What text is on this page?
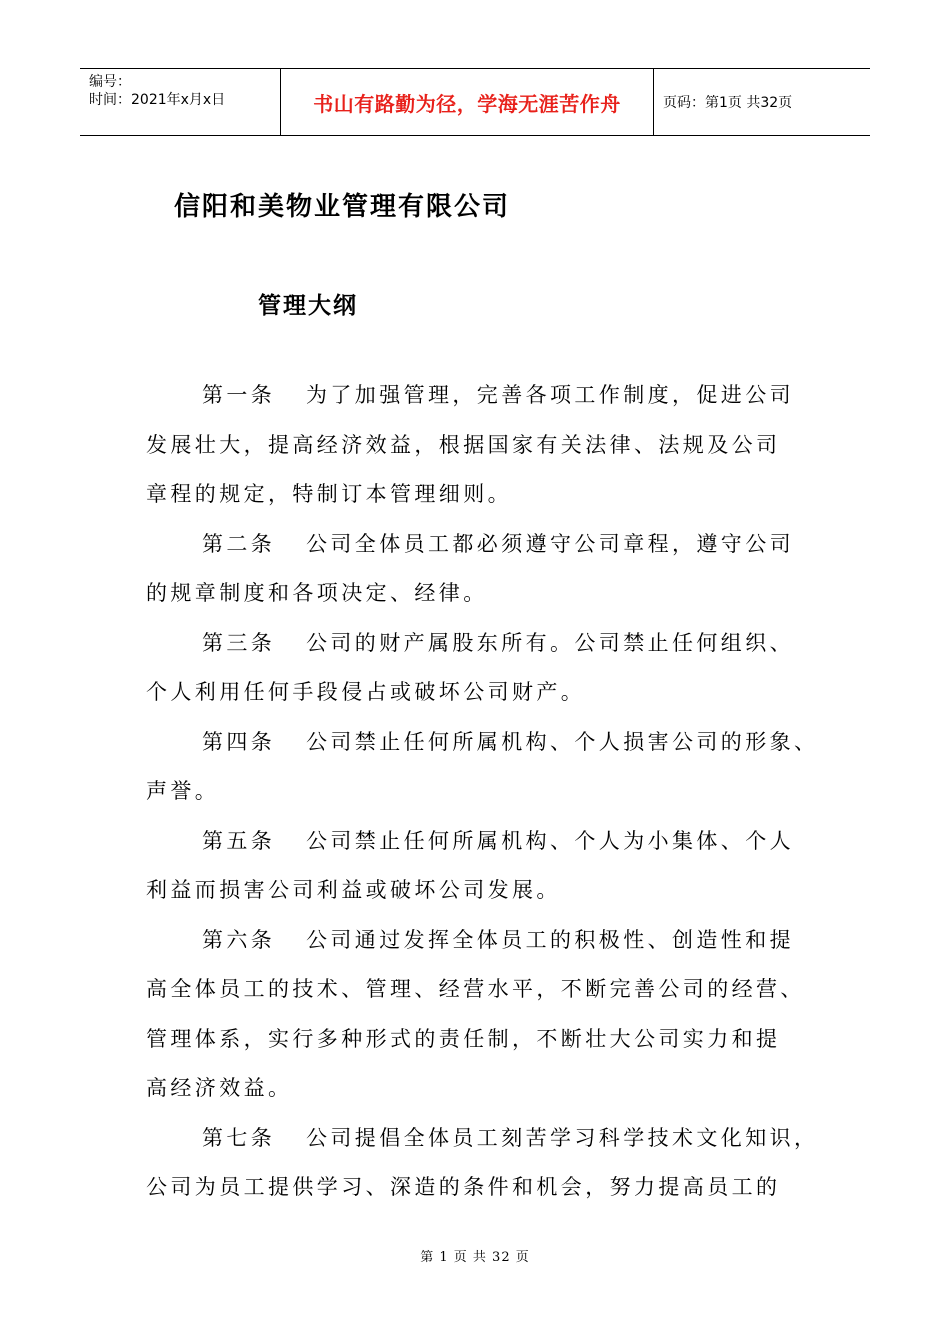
编号：
时间：2021年x月x日	书山有路勤为径，学海无涯苦作舟	页码：第1页 共32页
信阳和美物业管理有限公司
管理大纲
第一条 为了加强管理，完善各项工作制度，促进公司
发展壮大，提高经济效益，根据国家有关法律、法规及公司
章程的规定，特制订本管理细则。
第二条 公司全体员工都必须遵守公司章程，遵守公司
的规章制度和各项决定、经律。
第三条 公司的财产属股东所有。公司禁止任何组织、
个人利用任何手段侵占或破坏公司财产。
第四条 公司禁止任何所属机构、个人损害公司的形象、
声誉。
第五条 公司禁止任何所属机构、个人为小集体、个人
利益而损害公司利益或破坏公司发展。
第六条 公司通过发挥全体员工的积极性、创造性和提
高全体员工的技术、管理、经营水平，不断完善公司的经营、
管理体系，实行多种形式的责任制，不断壮大公司实力和提
高经济效益。
第七条 公司提倡全体员工刻苦学习科学技术文化知识，
公司为员工提供学习、深造的条件和机会，努力提高员工的
第 1 页 共 32 页
